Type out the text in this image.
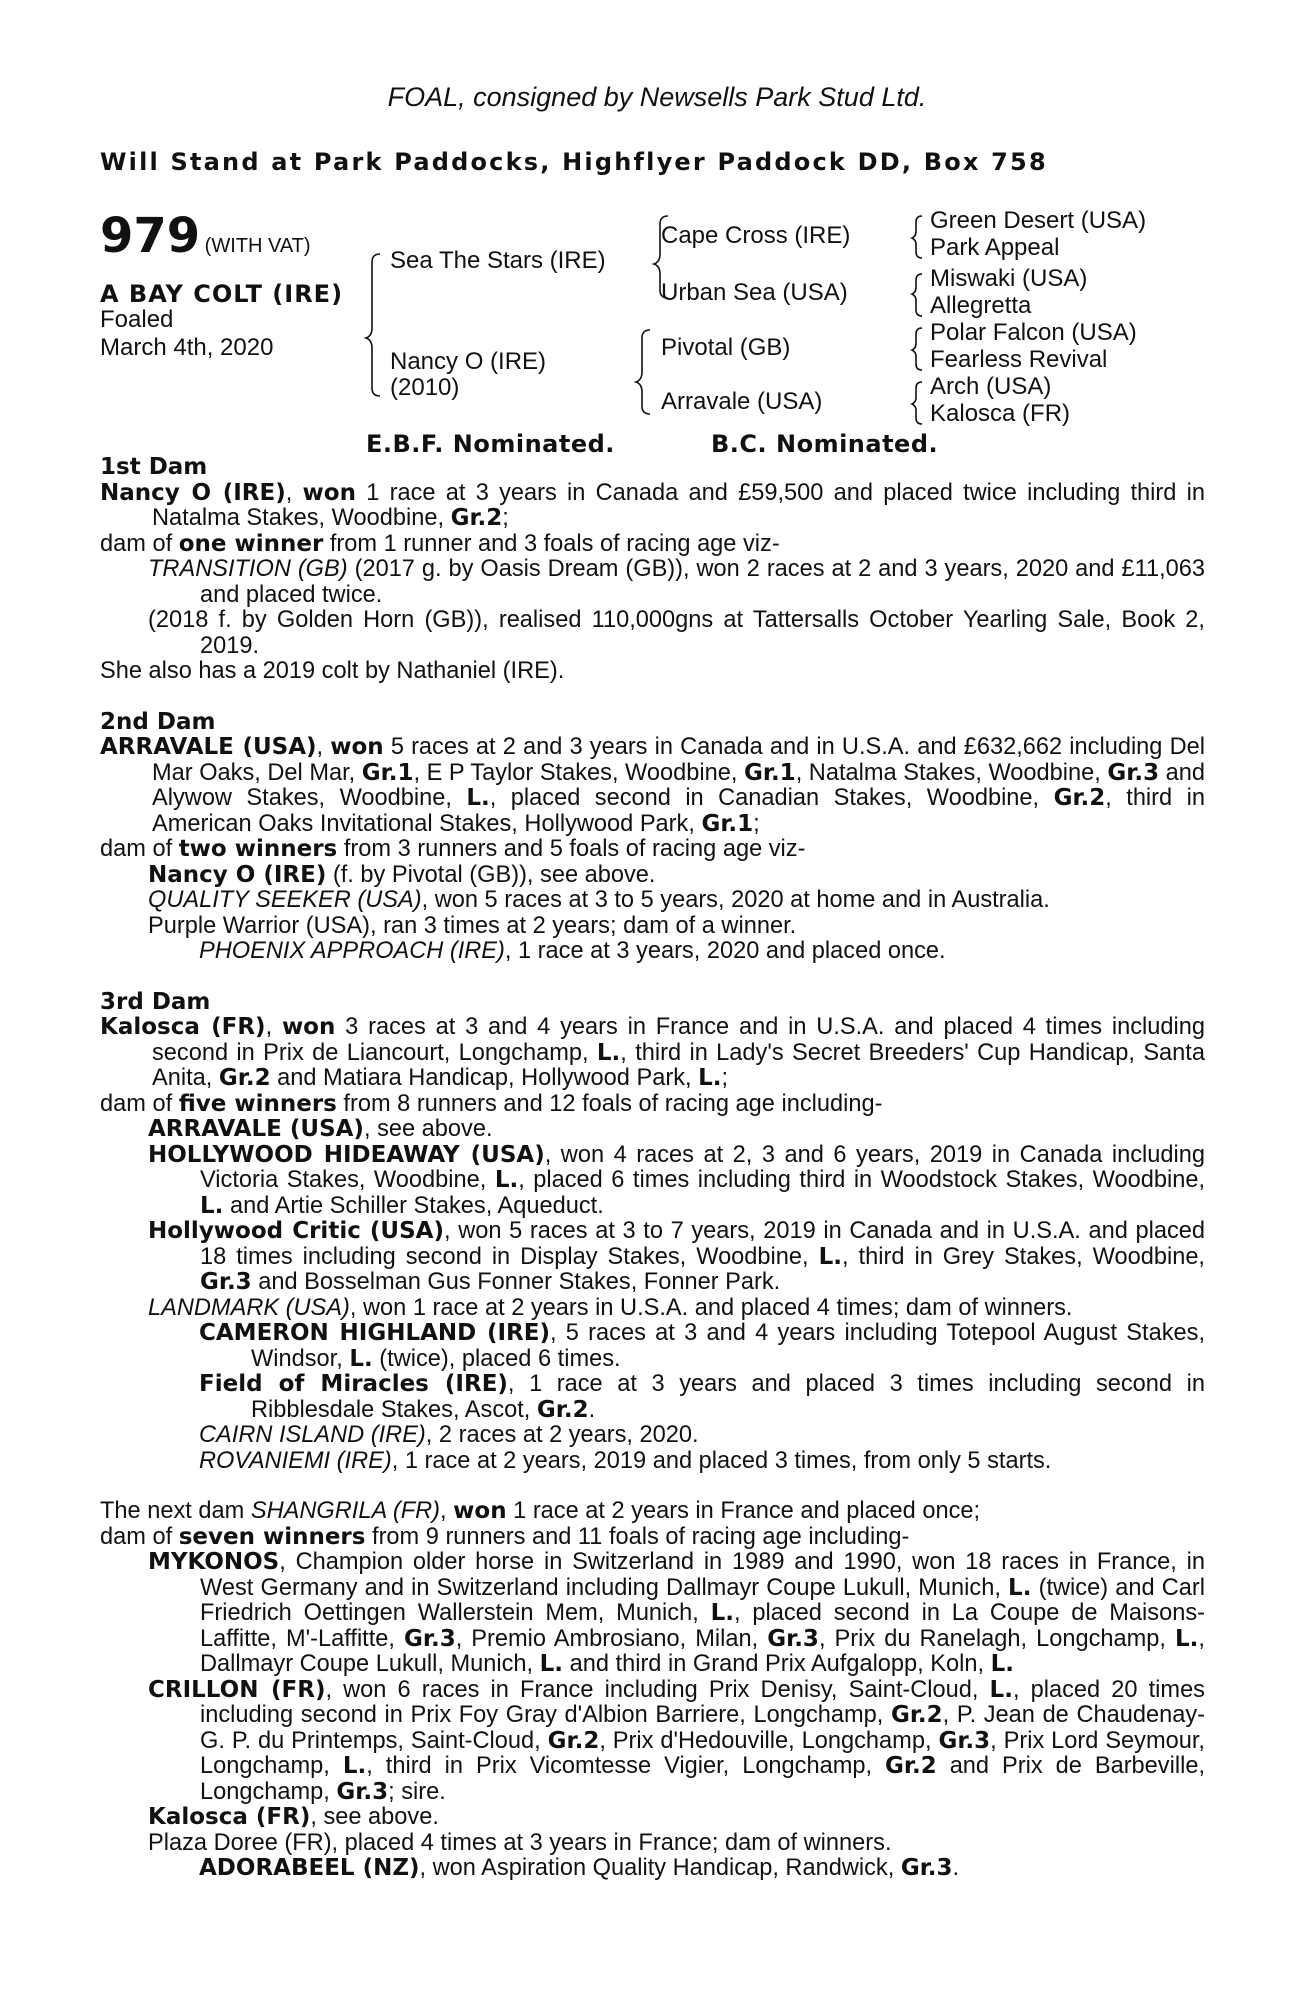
FOAL, consigned by Newsells Park Stud Ltd.
Will Stand at Park Paddocks, Highflyer Paddock DD, Box 758
979 (WITH VAT)
A BAY COLT (IRE)
Foaled
March 4th, 2020
Sea The Stars (IRE)
Nancy O (IRE)
(2010)
Cape Cross (IRE)
Urban Sea (USA)
Pivotal (GB)
Arravale (USA)
Green Desert (USA)
Park Appeal
Miswaki (USA)
Allegretta
Polar Falcon (USA)
Fearless Revival
Arch (USA)
Kalosca (FR)
E.B.F. Nominated.	B.C. Nominated.

1st Dam

Nancy O (IRE), won 1 race at 3 years in Canada and £59,500 and placed twice including third in Natalma Stakes, Woodbine, Gr.2;

dam of one winner from 1 runner and 3 foals of racing age viz-

TRANSITION (GB) (2017 g. by Oasis Dream (GB)), won 2 races at 2 and 3 years, 2020 and £11,063 and placed twice.

(2018 f. by Golden Horn (GB)), realised 110,000gns at Tattersalls October Yearling Sale, Book 2, 2019.

She also has a 2019 colt by Nathaniel (IRE).

2nd Dam

ARRAVALE (USA), won 5 races at 2 and 3 years in Canada and in U.S.A. and £632,662 including Del Mar Oaks, Del Mar, Gr.1, E P Taylor Stakes, Woodbine, Gr.1, Natalma Stakes, Woodbine, Gr.3 and Alywow Stakes, Woodbine, L., placed second in Canadian Stakes, Woodbine, Gr.2, third in American Oaks Invitational Stakes, Hollywood Park, Gr.1;

dam of two winners from 3 runners and 5 foals of racing age viz-

Nancy O (IRE) (f. by Pivotal (GB)), see above.

QUALITY SEEKER (USA), won 5 races at 3 to 5 years, 2020 at home and in Australia.

Purple Warrior (USA), ran 3 times at 2 years; dam of a winner.

PHOENIX APPROACH (IRE), 1 race at 3 years, 2020 and placed once.

3rd Dam

Kalosca (FR), won 3 races at 3 and 4 years in France and in U.S.A. and placed 4 times including second in Prix de Liancourt, Longchamp, L., third in Lady's Secret Breeders' Cup Handicap, Santa Anita, Gr.2 and Matiara Handicap, Hollywood Park, L.;

dam of five winners from 8 runners and 12 foals of racing age including-

ARRAVALE (USA), see above.

HOLLYWOOD HIDEAWAY (USA), won 4 races at 2, 3 and 6 years, 2019 in Canada including Victoria Stakes, Woodbine, L., placed 6 times including third in Woodstock Stakes, Woodbine, L. and Artie Schiller Stakes, Aqueduct.

Hollywood Critic (USA), won 5 races at 3 to 7 years, 2019 in Canada and in U.S.A. and placed 18 times including second in Display Stakes, Woodbine, L., third in Grey Stakes, Woodbine, Gr.3 and Bosselman Gus Fonner Stakes, Fonner Park.

LANDMARK (USA), won 1 race at 2 years in U.S.A. and placed 4 times; dam of winners.

CAMERON HIGHLAND (IRE), 5 races at 3 and 4 years including Totepool August Stakes, Windsor, L. (twice), placed 6 times.

Field of Miracles (IRE), 1 race at 3 years and placed 3 times including second in Ribblesdale Stakes, Ascot, Gr.2.

CAIRN ISLAND (IRE), 2 races at 2 years, 2020.

ROVANIEMI (IRE), 1 race at 2 years, 2019 and placed 3 times, from only 5 starts.

The next dam SHANGRILA (FR), won 1 race at 2 years in France and placed once;

dam of seven winners from 9 runners and 11 foals of racing age including-

MYKONOS, Champion older horse in Switzerland in 1989 and 1990, won 18 races in France, in West Germany and in Switzerland including Dallmayr Coupe Lukull, Munich, L. (twice) and Carl Friedrich Oettingen Wallerstein Mem, Munich, L., placed second in La Coupe de Maisons-Laffitte, M'-Laffitte, Gr.3, Premio Ambrosiano, Milan, Gr.3, Prix du Ranelagh, Longchamp, L., Dallmayr Coupe Lukull, Munich, L. and third in Grand Prix Aufgalopp, Koln, L.

CRILLON (FR), won 6 races in France including Prix Denisy, Saint-Cloud, L., placed 20 times including second in Prix Foy Gray d'Albion Barriere, Longchamp, Gr.2, P. Jean de Chaudenay-G. P. du Printemps, Saint-Cloud, Gr.2, Prix d'Hedouville, Longchamp, Gr.3, Prix Lord Seymour, Longchamp, L., third in Prix Vicomtesse Vigier, Longchamp, Gr.2 and Prix de Barbeville, Longchamp, Gr.3; sire.

Kalosca (FR), see above.

Plaza Doree (FR), placed 4 times at 3 years in France; dam of winners.

ADORABEEL (NZ), won Aspiration Quality Handicap, Randwick, Gr.3.
